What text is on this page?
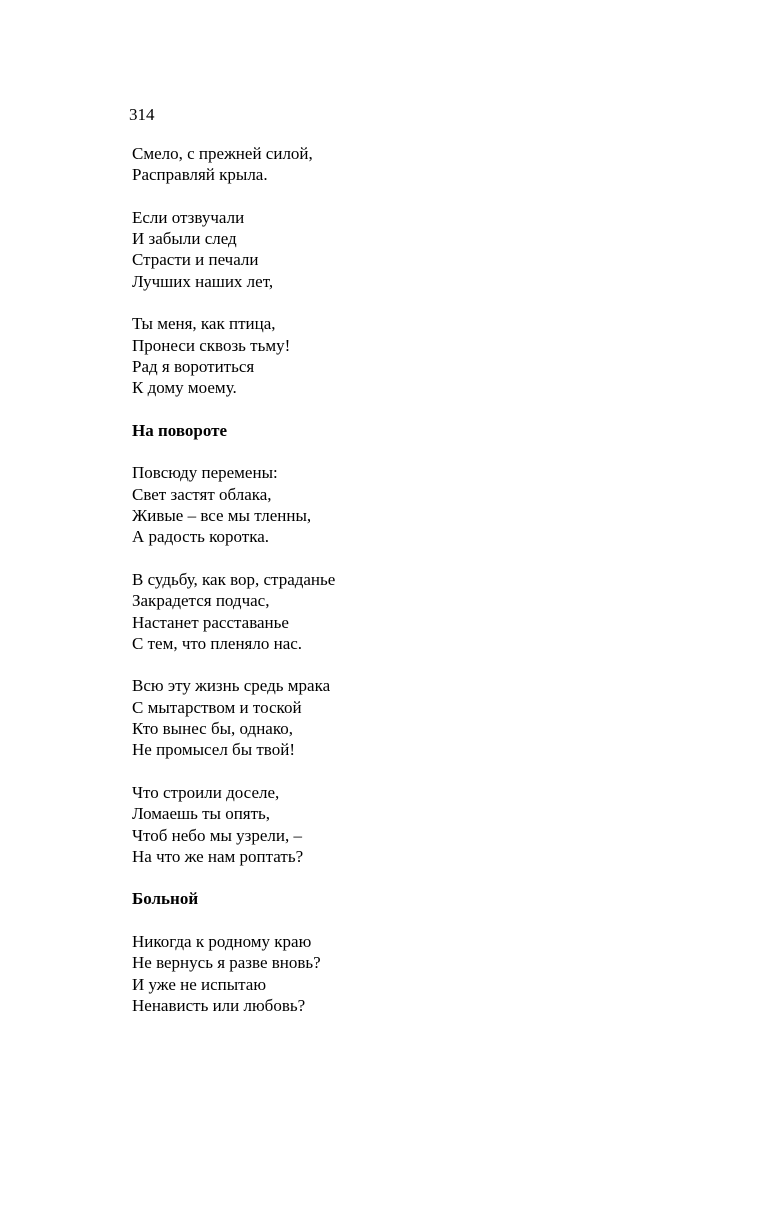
314
Смело, с прежней силой,
Расправляй крыла.
Если отзвучали
И забыли след
Страсти и печали
Лучших наших лет,
Ты меня, как птица,
Пронеси сквозь тьму!
Рад я воротиться
К дому моему.
На повороте
Повсюду перемены:
Свет застят облака,
Живые – все мы тленны,
А радость коротка.
В судьбу, как вор, страданье
Закрадется подчас,
Настанет расставанье
С тем, что пленяло нас.
Всю эту жизнь средь мрака
С мытарством и тоской
Кто вынес бы, однако,
Не промысел бы твой!
Что строили доселе,
Ломаешь ты опять,
Чтоб небо мы узрели, –
На что же нам роптать?
Больной
Никогда к родному краю
Не вернусь я разве вновь?
И уже не испытаю
Ненависть или любовь?
